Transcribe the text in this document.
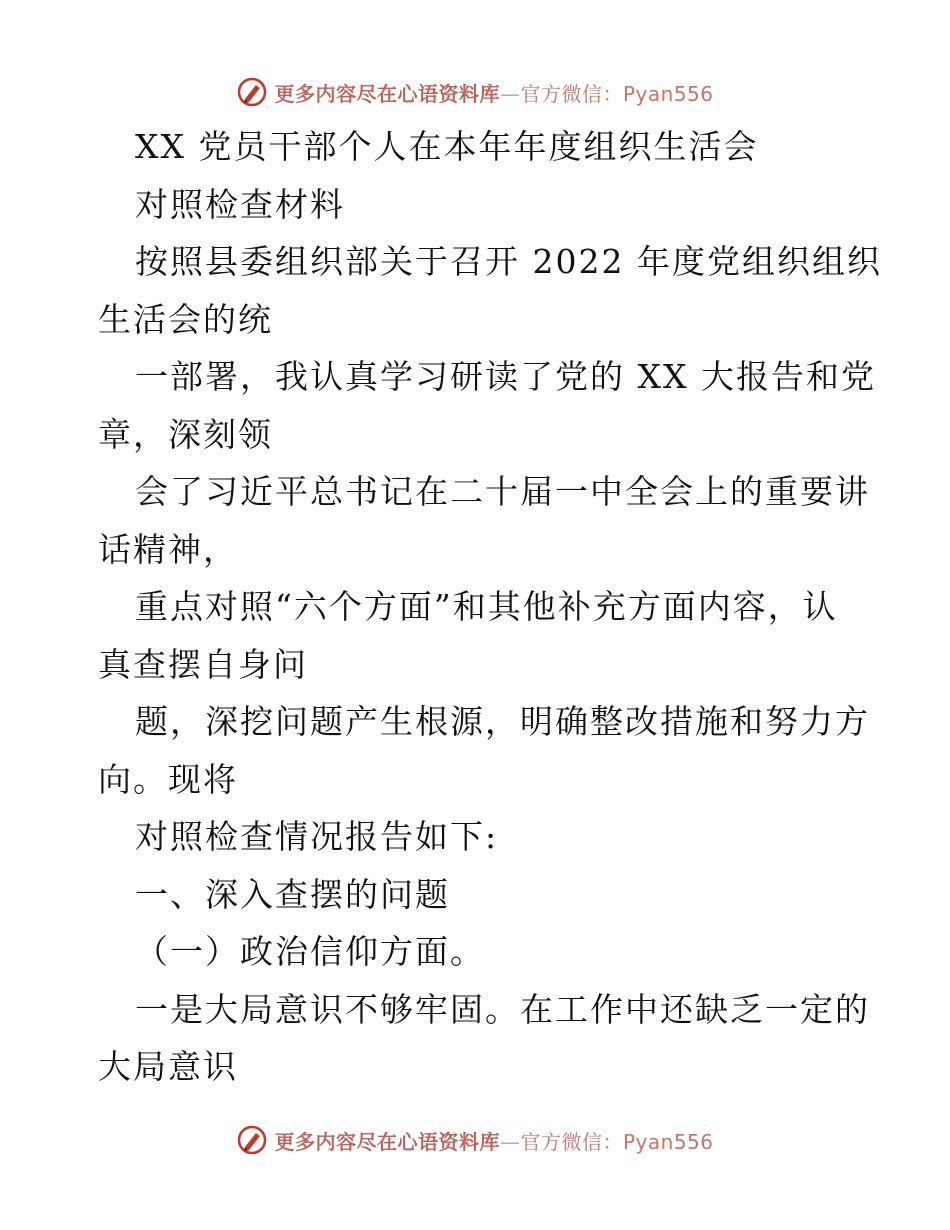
更多内容尽在心语资料库—官方微信：Pyan556
XX 党员干部个人在本年年度组织生活会
对照检查材料
按照县委组织部关于召开 2022 年度党组织组织
生活会的统
一部署，我认真学习研读了党的 XX 大报告和党
章，深刻领
会了习近平总书记在二十届一中全会上的重要讲
话精神，
重点对照“六个方面”和其他补充方面内容，认
真查摆自身问
题，深挖问题产生根源，明确整改措施和努力方
向。现将
对照检查情况报告如下:
一、深入查摆的问题
（一）政治信仰方面。
一是大局意识不够牢固。在工作中还缺乏一定的
大局意识
更多内容尽在心语资料库—官方微信：Pyan556
